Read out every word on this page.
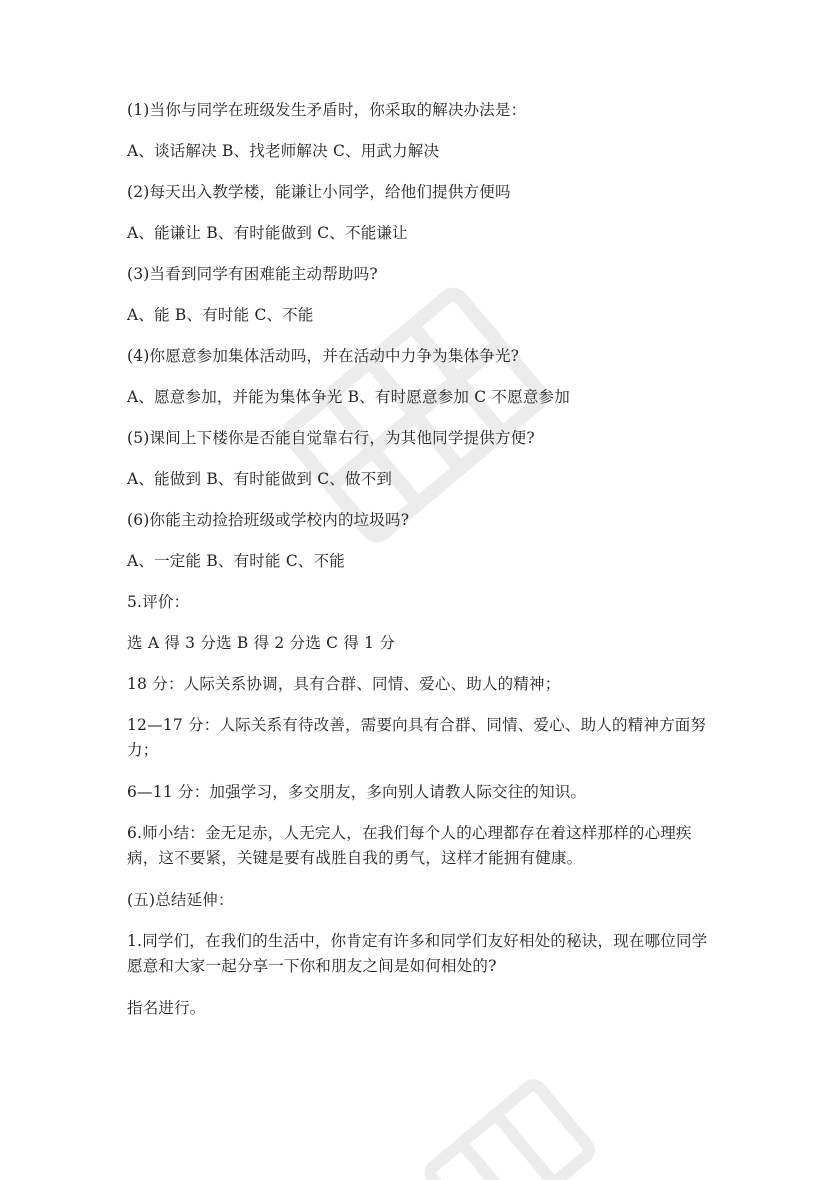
(1)当你与同学在班级发生矛盾时，你采取的解决办法是：

A、谈话解决 B、找老师解决 C、用武力解决

(2)每天出入教学楼，能谦让小同学，给他们提供方便吗

A、能谦让 B、有时能做到 C、不能谦让

(3)当看到同学有困难能主动帮助吗?

A、能 B、有时能 C、不能

(4)你愿意参加集体活动吗，并在活动中力争为集体争光?

A、愿意参加，并能为集体争光 B、有时愿意参加 C 不愿意参加

(5)课间上下楼你是否能自觉靠右行，为其他同学提供方便?

A、能做到 B、有时能做到 C、做不到

(6)你能主动捡拾班级或学校内的垃圾吗?

A、一定能 B、有时能 C、不能

5.评价：

选 A 得 3 分选 B 得 2 分选 C 得 1 分

18 分：人际关系协调，具有合群、同情、爱心、助人的精神；

12—17 分：人际关系有待改善，需要向具有合群、同情、爱心、助人的精神方面努力；

6—11 分：加强学习，多交朋友，多向别人请教人际交往的知识。

6.师小结：金无足赤，人无完人，在我们每个人的心理都存在着这样那样的心理疾病，这不要紧，关键是要有战胜自我的勇气，这样才能拥有健康。

(五)总结延伸：

1.同学们，在我们的生活中，你肯定有许多和同学们友好相处的秘诀，现在哪位同学愿意和大家一起分享一下你和朋友之间是如何相处的?

指名进行。
